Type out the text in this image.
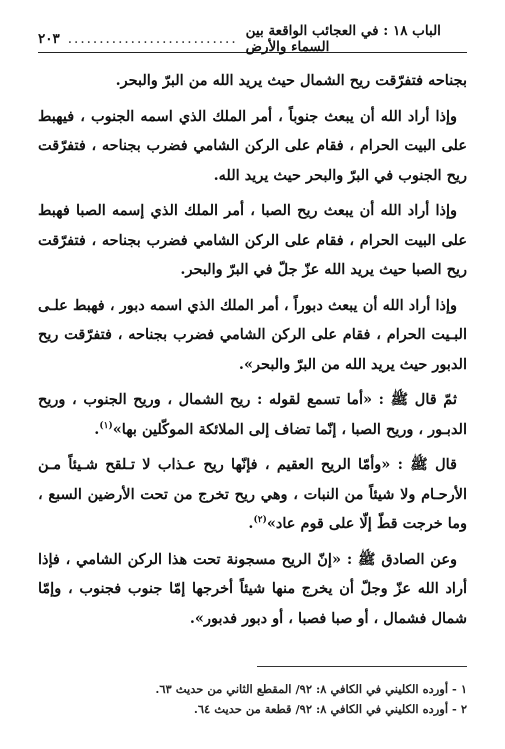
الباب ١٨ : في العجائب الواقعة بين السماء والأرض
...........................
٢٠٣

بجناحه فتفرّقت ريح الشمال حيث يريد الله من البرّ والبحر.

وإذا أراد الله أن يبعث جنوباً ، أمر الملك الذي اسمه الجنوب ، فيهبط على البيت الحرام ، فقام على الركن الشامي فضرب بجناحه ، فتفرّقت ريح الجنوب في البرّ والبحر حيث يريد الله.

وإذا أراد الله أن يبعث ريح الصبا ، أمر الملك الذي إسمه الصبا فهبط على البيت الحرام ، فقام على الركن الشامي فضرب بجناحه ، فتفرّقت ريح الصبا حيث يريد الله عزّ جلّ في البرّ والبحر.

وإذا أراد الله أن يبعث دبوراً ، أمر الملك الذي اسمه دبور ، فهبط علـى البـيت الحرام ، فقام على الركن الشامي فضرب بجناحه ، فتفرّقت ريح الدبور حيث يريد الله من البرّ والبحر».

ثمّ قال ﷺ : «أما تسمع لقوله : ريح الشمال ، وريح الجنوب ، وريح الدبـور ، وريح الصبا ، إنّما تضاف إلى الملائكة الموكّلين بها»$^{(١)}$.

قال ﷺ : «وأمّا الريح العقيم ، فإنّها ريح عـذاب لا تـلقح شـيئاً مـن الأرحـام ولا شيئاً من النبات ، وهي ريح تخرج من تحت الأرضين السبع ، وما خرجت قطّ إلّا على قوم عاد»$^{(٢)}$.

وعن الصادق ﷺ : «إنّ الريح مسجونة تحت هذا الركن الشامي ، فإذا أراد الله عزّ وجلّ أن يخرج منها شيئاً أخرجها إمّا جنوب فجنوب ، وإمّا شمال فشمال ، أو صبا فصبا ، أو دبور فدبور».

١ - أورده الكليني في الكافي ٨: ٩٢/ المقطع الثاني من حديث ٦٣.
٢ - أورده الكليني في الكافي ٨: ٩٢/ قطعة من حديث ٦٤.
